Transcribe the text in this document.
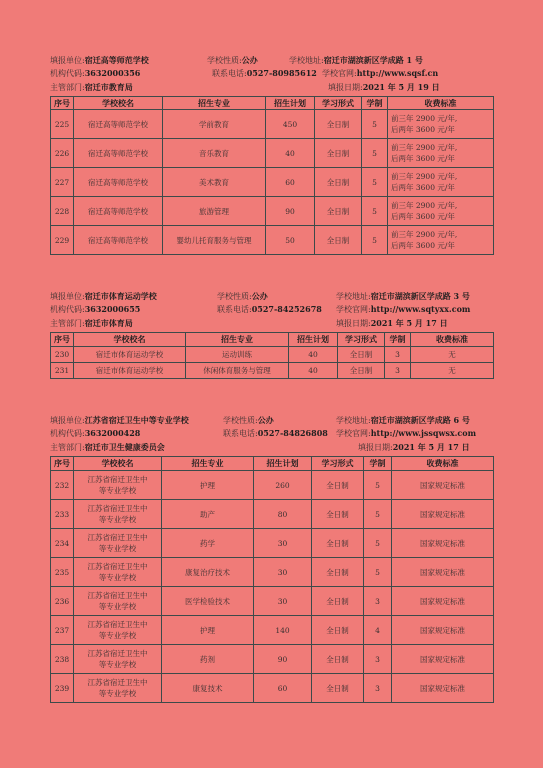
填报单位:宿迁高等师范学校	学校性质:公办	学校地址:宿迁市湖滨新区学成路 1 号
机构代码:3632000356	联系电话:0527-80985612 学校官网:http://www.sqsf.cn
主管部门:宿迁市教育局	填报日期:2021 年 5 月 19 日
序号	学校校名	招生专业	招生计划	学习形式	学制	收费标准
225	宿迁高等师范学校	学前教育	450	全日制	5	前三年 2900 元/年,
后两年 3600 元/年

226	宿迁高等师范学校	音乐教育	40	全日制	5	前三年 2900 元/年,
后两年 3600 元/年

227	宿迁高等师范学校	美术教育	60	全日制	5	前三年 2900 元/年,
后两年 3600 元/年

228	宿迁高等师范学校	旅游管理	90	全日制	5	前三年 2900 元/年,
后两年 3600 元/年

229	宿迁高等师范学校	婴幼儿托育服务与管理	50	全日制	5	前三年 2900 元/年,
后两年 3600 元/年
填报单位:宿迁市体育运动学校	学校性质:公办	学校地址:宿迁市湖滨新区学成路 3 号
机构代码:3632000655	联系电话:0527-84252678 学校官网:http://www.sqtyxx.com
主管部门:宿迁市体育局	填报日期:2021 年 5 月 17 日
序号	学校校名	招生专业	招生计划	学习形式	学制	收费标准
230	宿迁市体育运动学校	运动训练	40	全日制	3	无
231	宿迁市体育运动学校	休闲体育服务与管理	40	全日制	3	无
填报单位:江苏省宿迁卫生中等专业学校	学校性质:公办	学校地址:宿迁市湖滨新区学成路 6 号
机构代码:3632000428	联系电话:0527-84826808 学校官网:http://www.jssqwsx.com
主管部门:宿迁市卫生健康委员会	填报日期:2021 年 5 月 17 日
序号	学校校名	招生专业	招生计划	学习形式	学制	收费标准
232	江苏省宿迁卫生中
等专业学校	护理	260	全日制	5	国家规定标准
233	江苏省宿迁卫生中
等专业学校	助产	80	全日制	5	国家规定标准
234	江苏省宿迁卫生中
等专业学校	药学	30	全日制	5	国家规定标准
235	江苏省宿迁卫生中
等专业学校	康复治疗技术	30	全日制	5	国家规定标准
236	江苏省宿迁卫生中
等专业学校	医学检验技术	30	全日制	3	国家规定标准
237	江苏省宿迁卫生中
等专业学校	护理	140	全日制	4	国家规定标准
238	江苏省宿迁卫生中
等专业学校	药剂	90	全日制	3	国家规定标准
239	江苏省宿迁卫生中
等专业学校	康复技术	60	全日制	3	国家规定标准
